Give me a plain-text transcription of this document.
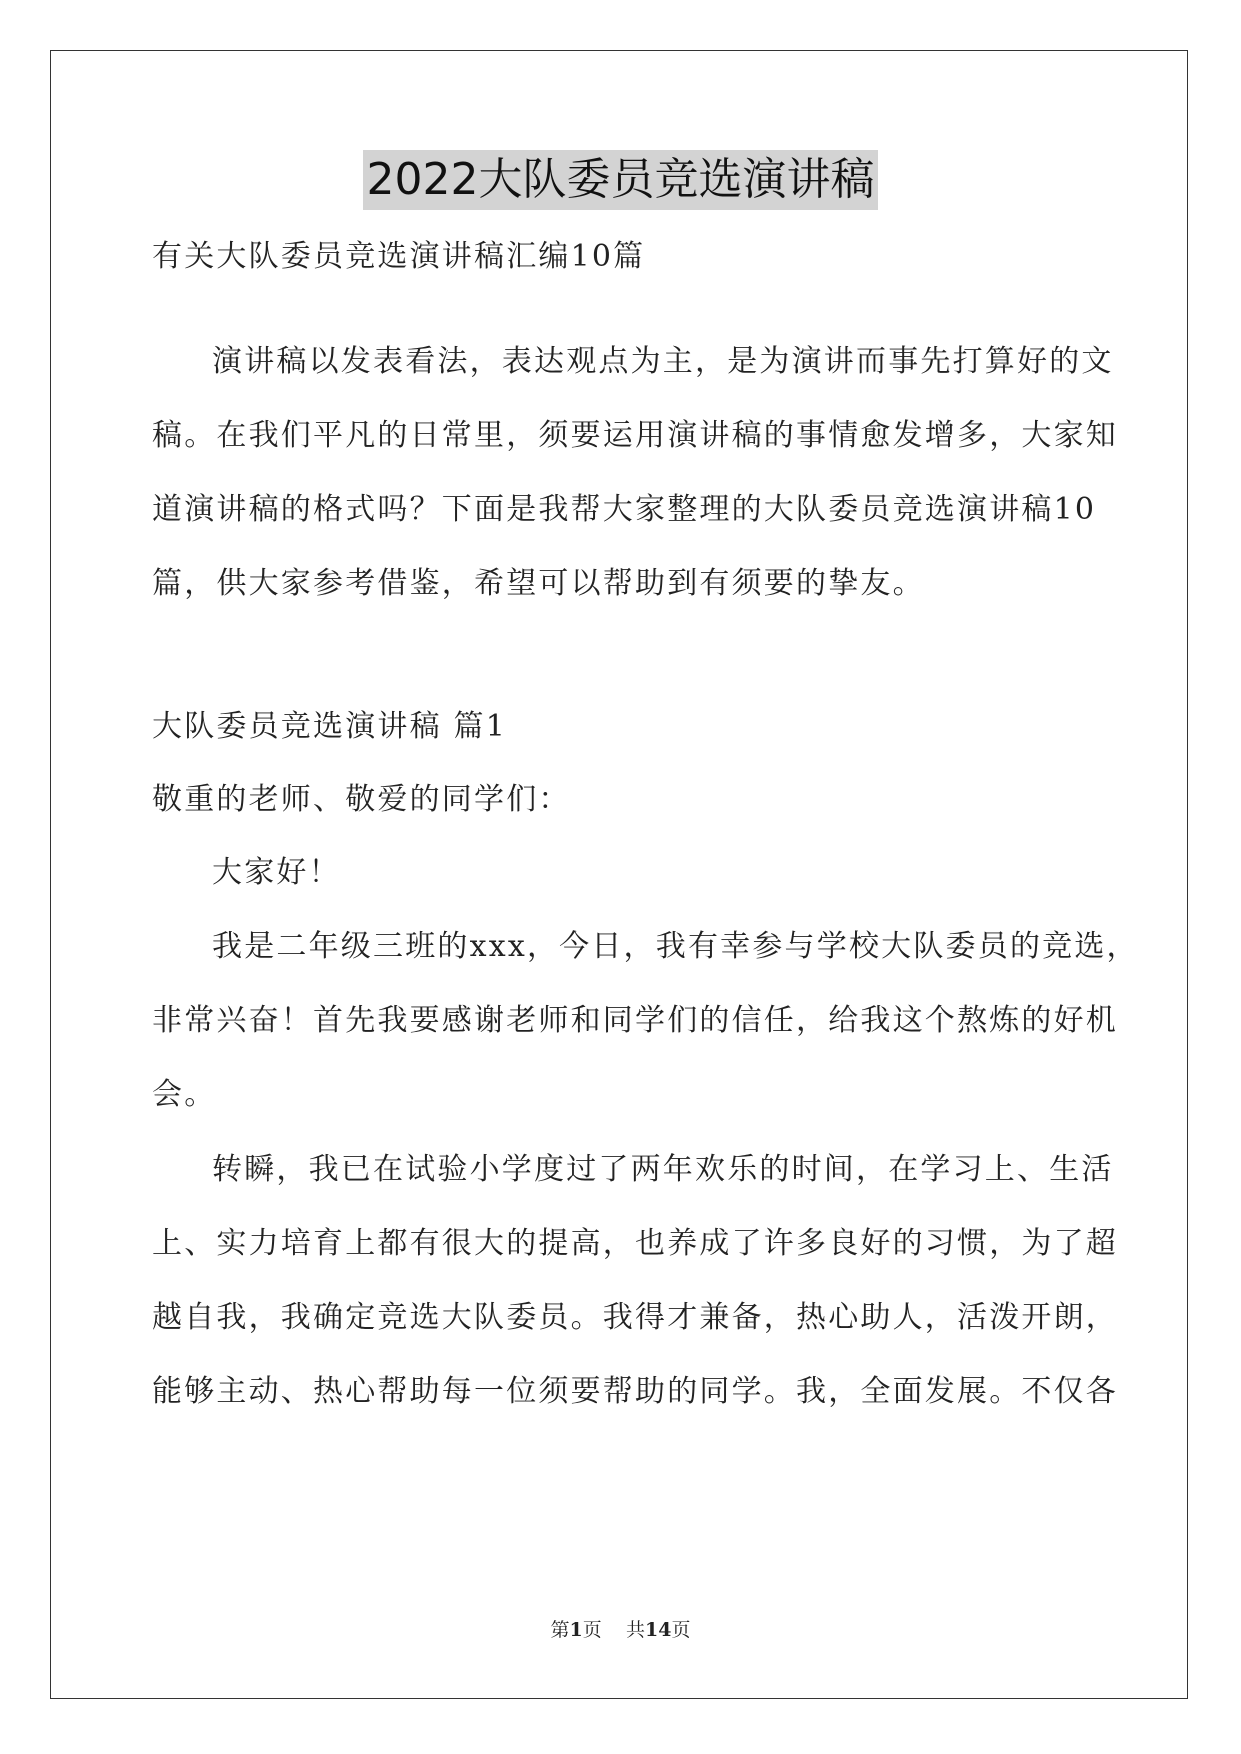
2022大队委员竞选演讲稿
有关大队委员竞选演讲稿汇编10篇
演讲稿以发表看法，表达观点为主，是为演讲而事先打算好的文
稿。在我们平凡的日常里，须要运用演讲稿的事情愈发增多，大家知
道演讲稿的格式吗？下面是我帮大家整理的大队委员竞选演讲稿10
篇，供大家参考借鉴，希望可以帮助到有须要的挚友。
大队委员竞选演讲稿 篇1
敬重的老师、敬爱的同学们：
大家好！
我是二年级三班的xxx，今日，我有幸参与学校大队委员的竞选，
非常兴奋！首先我要感谢老师和同学们的信任，给我这个熬炼的好机
会。
转瞬，我已在试验小学度过了两年欢乐的时间，在学习上、生活
上、实力培育上都有很大的提高，也养成了许多良好的习惯，为了超
越自我，我确定竞选大队委员。我得才兼备，热心助人，活泼开朗，
能够主动、热心帮助每一位须要帮助的同学。我，全面发展。不仅各
第1页 共14页
